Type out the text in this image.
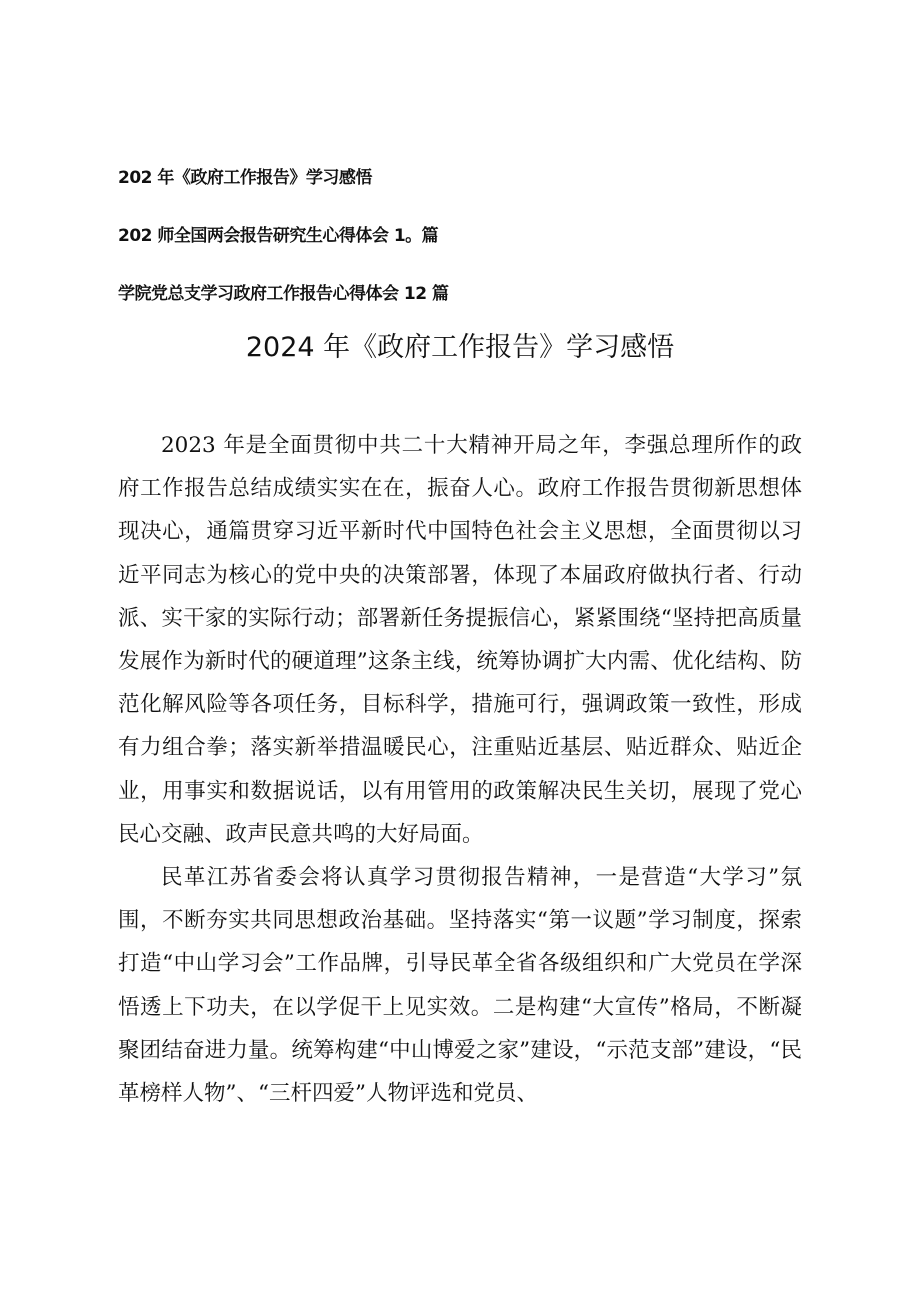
202 年《政府工作报告》学习感悟
202 师全国两会报告研究生心得体会 1。篇
学院党总支学习政府工作报告心得体会 12 篇
2024 年《政府工作报告》学习感悟

2023 年是全面贯彻中共二十大精神开局之年，李强总理所作的政府工作报告总结成绩实实在在，振奋人心。政府工作报告贯彻新思想体现决心，通篇贯穿习近平新时代中国特色社会主义思想，全面贯彻以习近平同志为核心的党中央的决策部署，体现了本届政府做执行者、行动派、实干家的实际行动；部署新任务提振信心，紧紧围绕“坚持把高质量发展作为新时代的硬道理”这条主线，统筹协调扩大内需、优化结构、防范化解风险等各项任务，目标科学，措施可行，强调政策一致性，形成有力组合拳；落实新举措温暖民心，注重贴近基层、贴近群众、贴近企业，用事实和数据说话，以有用管用的政策解决民生关切，展现了党心民心交融、政声民意共鸣的大好局面。

民革江苏省委会将认真学习贯彻报告精神，一是营造“大学习”氛围，不断夯实共同思想政治基础。坚持落实“第一议题”学习制度，探索打造“中山学习会”工作品牌，引导民革全省各级组织和广大党员在学深悟透上下功夫，在以学促干上见实效。二是构建“大宣传”格局，不断凝聚团结奋进力量。统筹构建“中山博爱之家”建设，“示范支部”建设，“民革榜样人物”、“三杆四爱”人物评选和党员、
